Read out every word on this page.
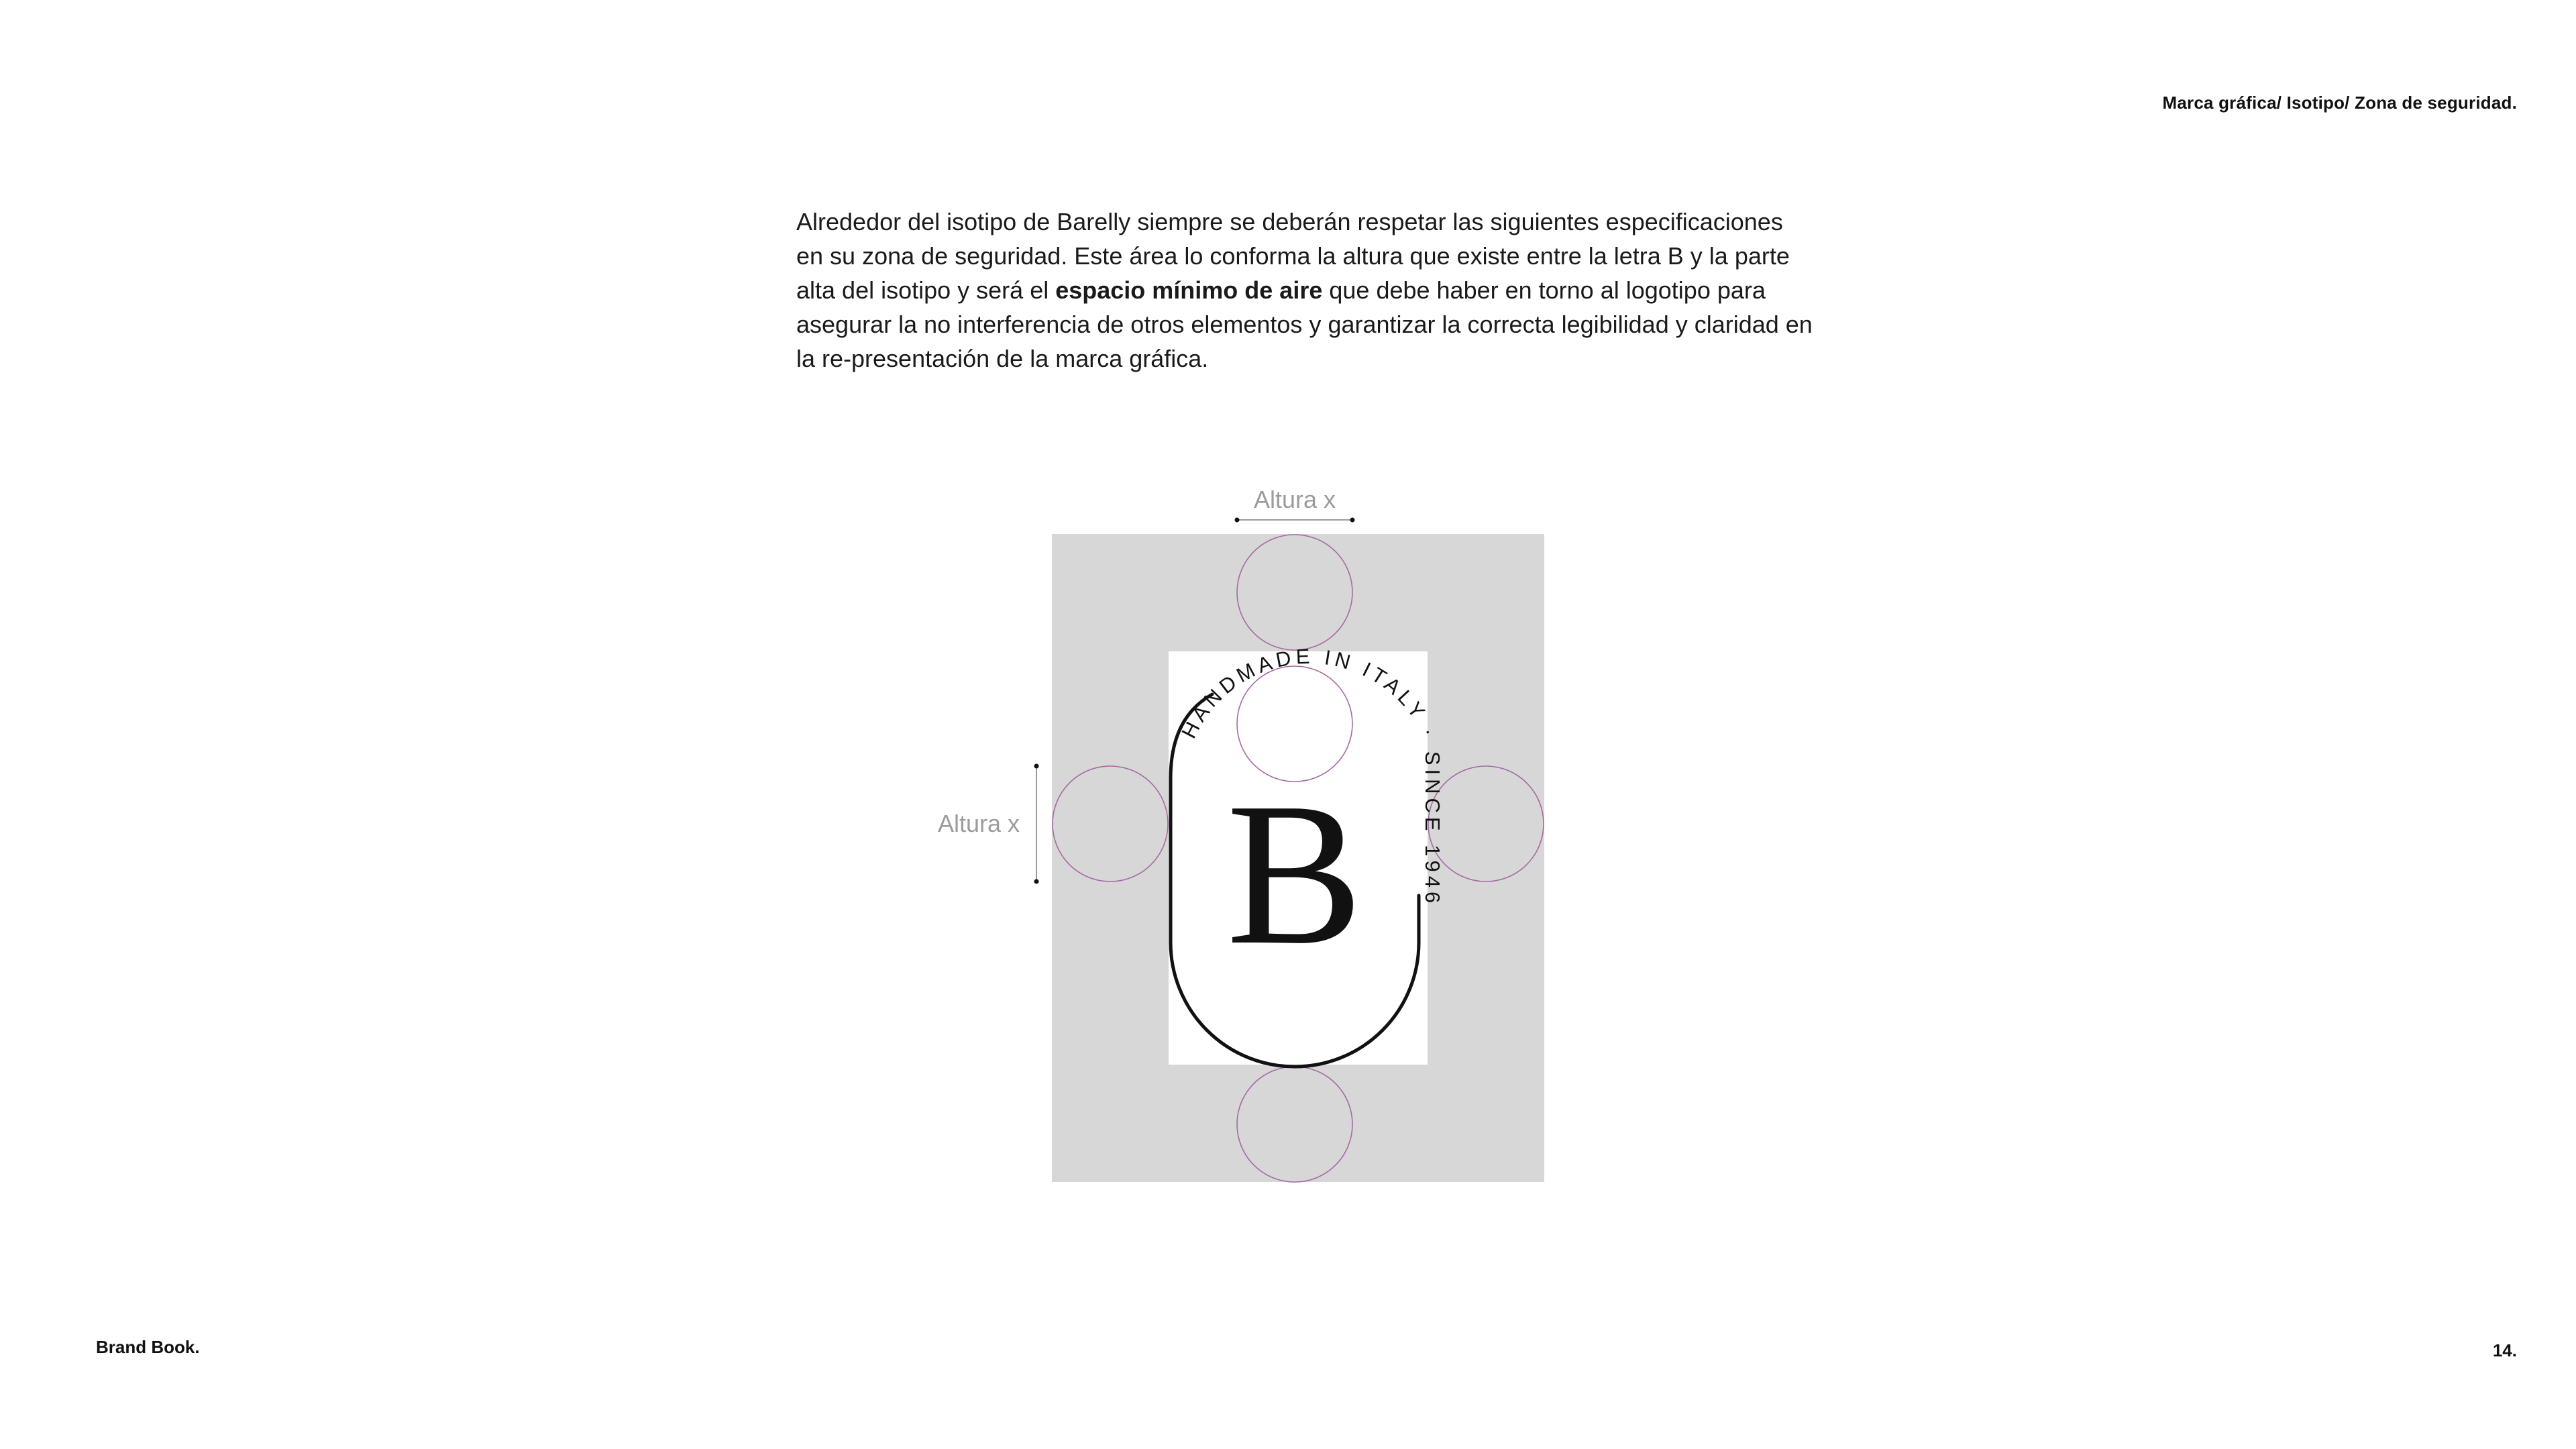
Marca gráfica/ Isotipo/ Zona de seguridad.

Alrededor del isotipo de Barelly siempre se deberán respetar las siguientes especificaciones en su zona de seguridad. Este área lo conforma la altura que existe entre la letra B y la parte alta del isotipo y será el espacio mínimo de aire que debe haber en torno al logotipo para asegurar la no interferencia de otros elementos y garantizar la correcta legibilidad y claridad en la re-presentación de la marca gráfica.

HANDMADE IN ITALY · SINCE 1946
B
Altura x
Altura x
Brand Book.	14.
